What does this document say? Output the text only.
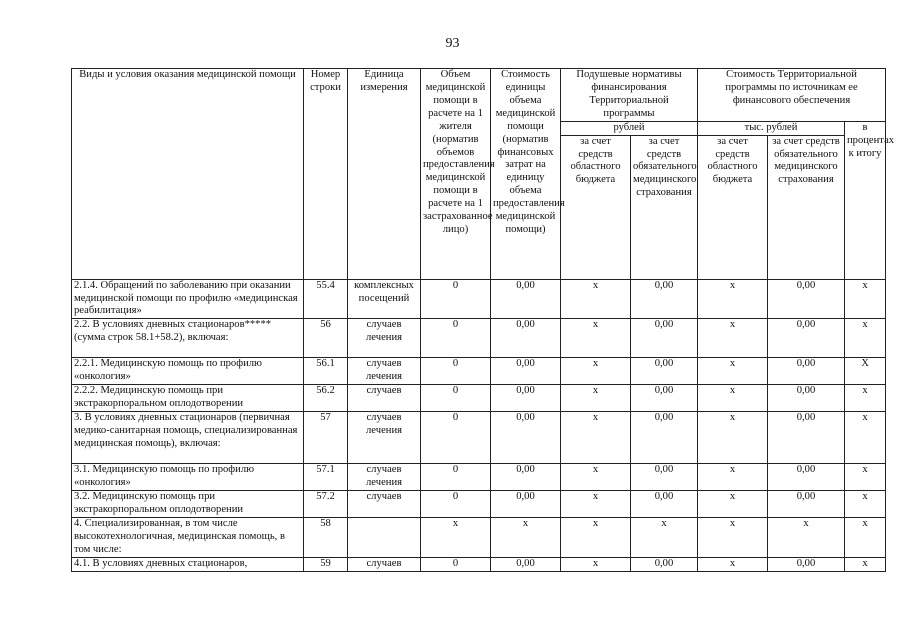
93
Виды и условия оказания медицинской помощи	Номер строки	Единица измерения	Объем медицинской помощи в расчете на 1 жителя (норматив объемов предоставления медицинской помощи в расчете на 1 застрахованное лицо)	Стоимость единицы объема медицинской помощи (норматив финансовых затрат на единицу объема предоставления медицинской помощи)	Подушевые нормативы финансирования Территориальной программы		Стоимость Территориальной программы по источникам ее финансового обеспечения		
					рублей		тыс. рублей		в процентах к итогу
					за счет средств областного бюджета	за счет средств обязательного медицинского страхования	за счет средств областного бюджета	за счет средств обязательного медицинского страхования	
2.1.4. Обращений по заболеванию при оказании медицинской помощи по профилю «медицинская реабилитация»	55.4	комплексных посещений	0	0,00	х	0,00	х	0,00	х
2.2. В условиях дневных стационаров***** (сумма строк 58.1+58.2), включая:	56	случаев лечения	0	0,00	х	0,00	х	0,00	х
2.2.1. Медицинскую помощь по профилю «онкология»	56.1	случаев лечения	0	0,00	х	0,00	х	0,00	Х
2.2.2. Медицинскую помощь при экстракорпоральном оплодотворении	56.2	случаев	0	0,00	х	0,00	х	0,00	х
3. В условиях дневных стационаров (первичная медико-санитарная помощь, специализированная медицинская помощь), включая:	57	случаев лечения	0	0,00	х	0,00	х	0,00	х
3.1. Медицинскую помощь по профилю «онкология»	57.1	случаев лечения	0	0,00	х	0,00	х	0,00	х
3.2. Медицинскую помощь при экстракорпоральном оплодотворении	57.2	случаев	0	0,00	х	0,00	х	0,00	х
4. Специализированная, в том числе высокотехнологичная, медицинская помощь, в том числе:	58		х	х	х	х	х	х	х
4.1. В условиях дневных стационаров,	59	случаев	0	0,00	х	0,00	х	0,00	х
